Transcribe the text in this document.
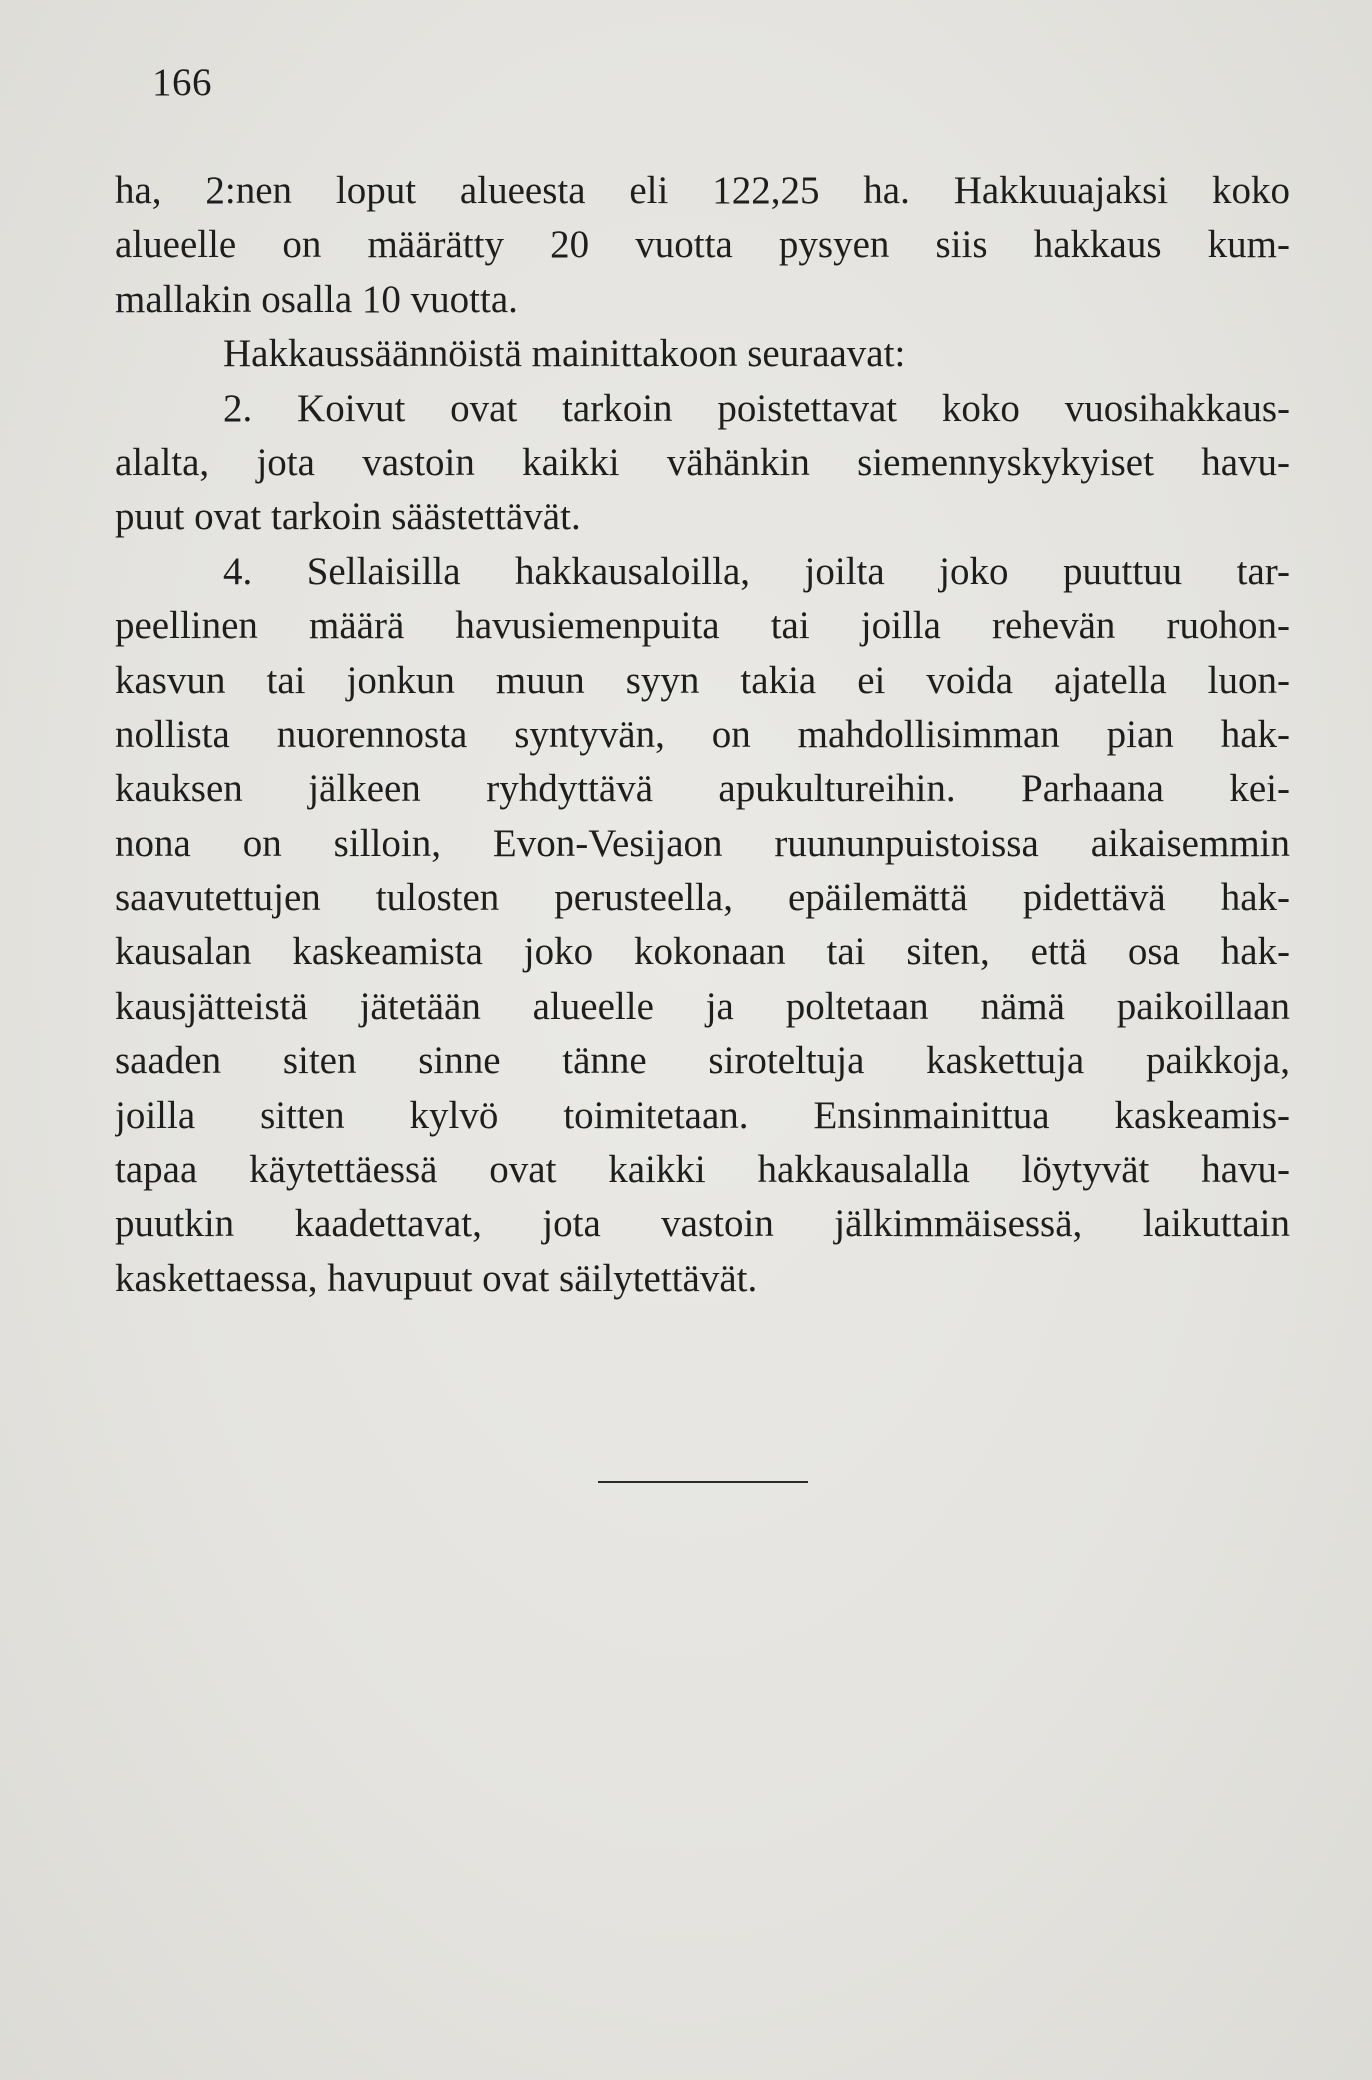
166

ha, 2:nen loput alueesta eli 122,25 ha. Hakkuuajaksi koko
alueelle on määrätty 20 vuotta pysyen siis hakkaus kum-
mallakin osalla 10 vuotta.
Hakkaussäännöistä mainittakoon seuraavat:
2. Koivut ovat tarkoin poistettavat koko vuosihakkaus-
alalta, jota vastoin kaikki vähänkin siemennyskykyiset havu-
puut ovat tarkoin säästettävät.
4. Sellaisilla hakkausaloilla, joilta joko puuttuu tar-
peellinen määrä havusiemenpuita tai joilla rehevän ruohon-
kasvun tai jonkun muun syyn takia ei voida ajatella luon-
nollista nuorennosta syntyvän, on mahdollisimman pian hak-
kauksen jälkeen ryhdyttävä apukultureihin. Parhaana kei-
nona on silloin, Evon-Vesijaon ruununpuistoissa aikaisemmin
saavutettujen tulosten perusteella, epäilemättä pidettävä hak-
kausalan kaskeamista joko kokonaan tai siten, että osa hak-
kausjätteistä jätetään alueelle ja poltetaan nämä paikoillaan
saaden siten sinne tänne siroteltuja kaskettuja paikkoja,
joilla sitten kylvö toimitetaan. Ensinmainittua kaskeamis-
tapaa käytettäessä ovat kaikki hakkausalalla löytyvät havu-
puutkin kaadettavat, jota vastoin jälkimmäisessä, laikuttain
kaskettaessa, havupuut ovat säilytettävät.
